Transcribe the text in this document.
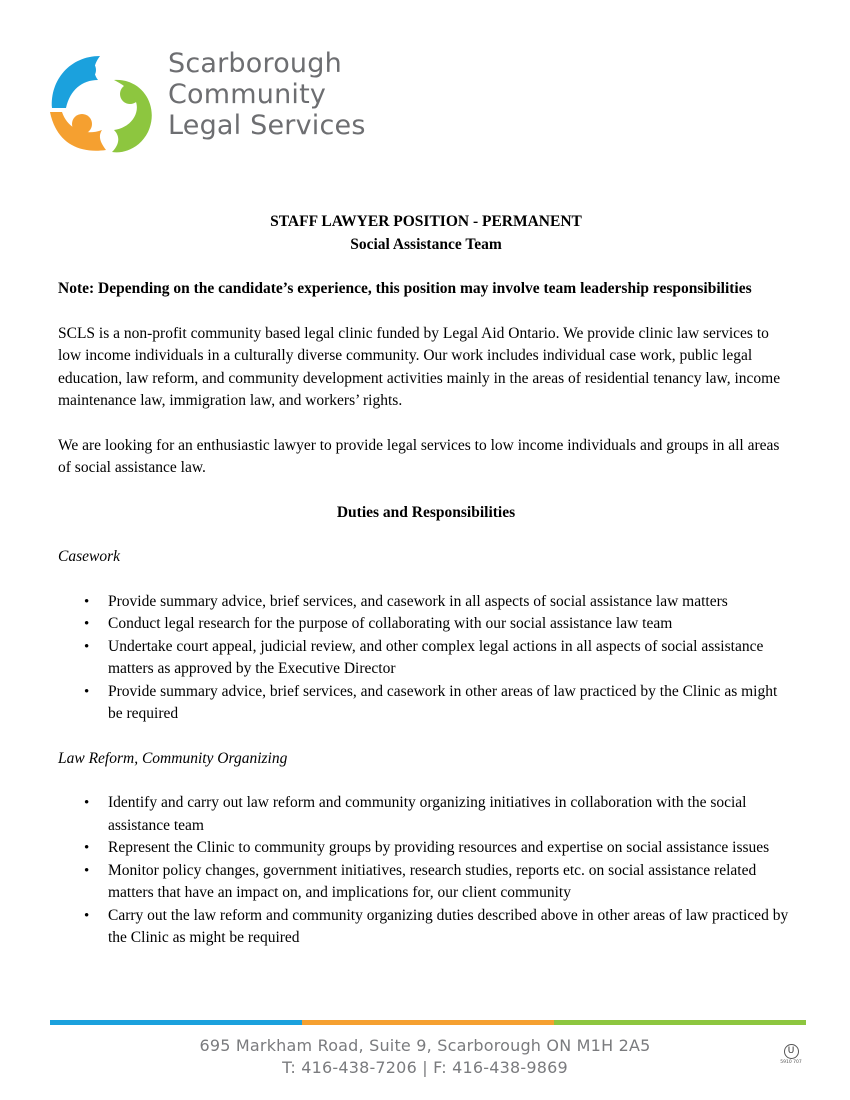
Scarborough
Community
Legal Services
STAFF LAWYER POSITION - PERMANENT
Social Assistance Team

Note: Depending on the candidate’s experience, this position may involve team leadership responsibilities

SCLS is a non-profit community based legal clinic funded by Legal Aid Ontario. We provide clinic law services to low income individuals in a culturally diverse community. Our work includes individual case work, public legal education, law reform, and community development activities mainly in the areas of residential tenancy law, income maintenance law, immigration law, and workers’ rights.

We are looking for an enthusiastic lawyer to provide legal services to low income individuals and groups in all areas of social assistance law.

Duties and Responsibilities

Casework

• Provide summary advice, brief services, and casework in all aspects of social assistance law matters
• Conduct legal research for the purpose of collaborating with our social assistance law team
• Undertake court appeal, judicial review, and other complex legal actions in all aspects of social assistance matters as approved by the Executive Director
• Provide summary advice, brief services, and casework in other areas of law practiced by the Clinic as might be required

Law Reform, Community Organizing

• Identify and carry out law reform and community organizing initiatives in collaboration with the social assistance team
• Represent the Clinic to community groups by providing resources and expertise on social assistance issues
• Monitor policy changes, government initiatives, research studies, reports etc. on social assistance related matters that have an impact on, and implications for, our client community
• Carry out the law reform and community organizing duties described above in other areas of law practiced by the Clinic as might be required
695 Markham Road, Suite 9, Scarborough ON M1H 2A5
T: 416-438-7206 | F: 416-438-9869
U
5910 707
